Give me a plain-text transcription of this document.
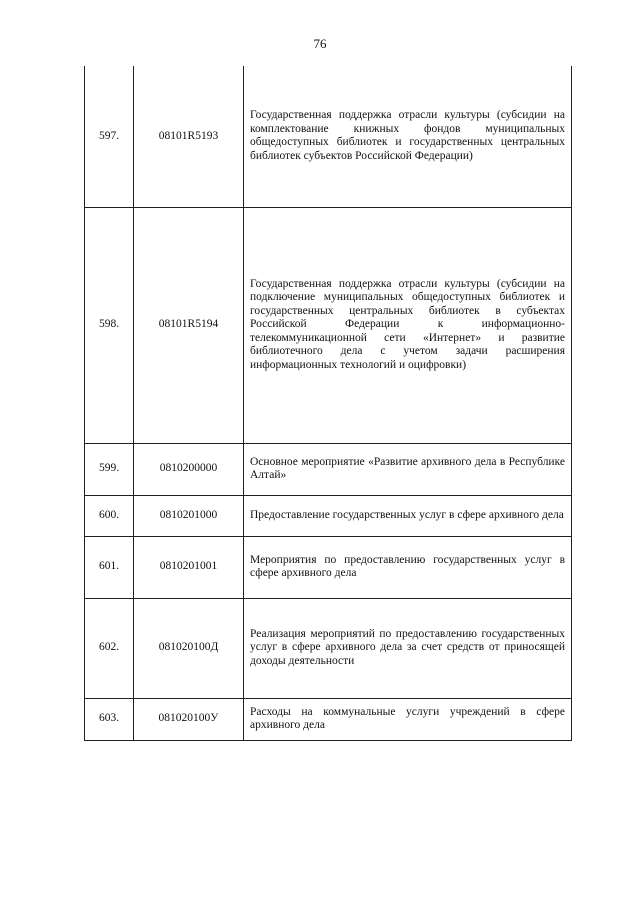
76
597.	08101R5193	Государственная поддержка отрасли культуры (субсидии на комплектование книжных фондов муниципальных общедоступных библиотек и государственных центральных библиотек субъектов Российской Федерации)
598.	08101R5194	Государственная поддержка отрасли культуры (субсидии на подключение муниципальных общедоступных библиотек и государственных центральных библиотек в субъектах Российской Федерации к информационно-телекоммуникационной сети «Интернет» и развитие библиотечного дела с учетом задачи расширения информационных технологий и оцифровки)
599.	0810200000	Основное мероприятие «Развитие архивного дела в Республике Алтай»
600.	0810201000	Предоставление государственных услуг в сфере архивного дела
601.	0810201001	Мероприятия по предоставлению государственных услуг в сфере архивного дела
602.	081020100Д	Реализация мероприятий по предоставлению государственных услуг в сфере архивного дела за счет средств от приносящей доходы деятельности
603.	081020100У	Расходы на коммунальные услуги учреждений в сфере архивного дела
